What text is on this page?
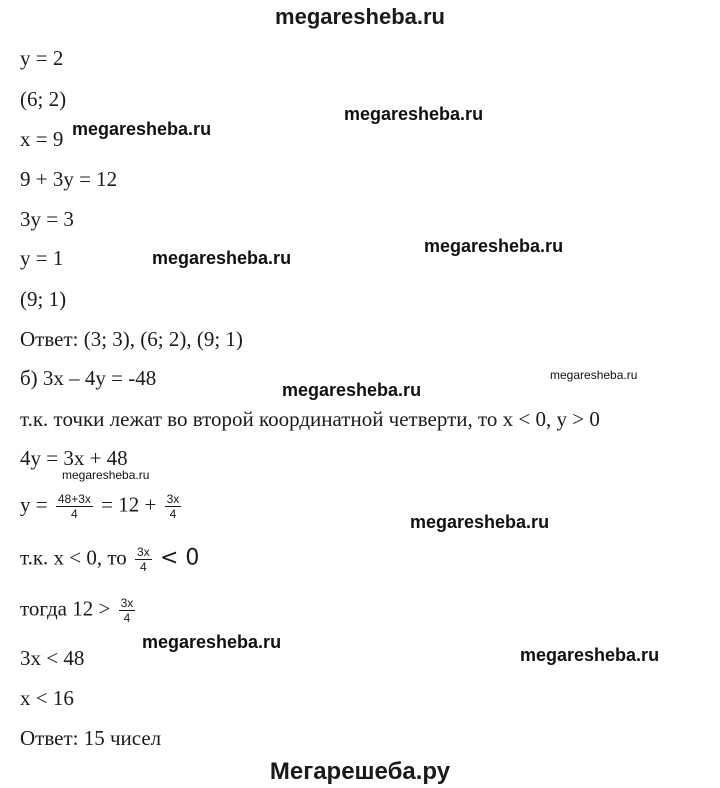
megaresheba.ru
y = 2
(6; 2)
x = 9
9 + 3y = 12
3y = 3
y = 1
(9; 1)
Ответ: (3; 3), (6; 2), (9; 1)
б) 3x – 4y = -48
т.к. точки лежат во второй координатной четверти, то x < 0, y > 0
4y = 3x + 48
$y = \frac{48+3x}{4} = 12 + \frac{3x}{4}$
т.к. x < 0, то $\frac{3x}{4} < 0$
тогда $12 > \frac{3x}{4}$
3x < 48
x < 16
Ответ: 15 чисел
megaresheba.ru
megaresheba.ru
megaresheba.ru
megaresheba.ru
megaresheba.ru
megaresheba.ru
megaresheba.ru
megaresheba.ru
megaresheba.ru
megaresheba.ru
Мегарешеба.ру
